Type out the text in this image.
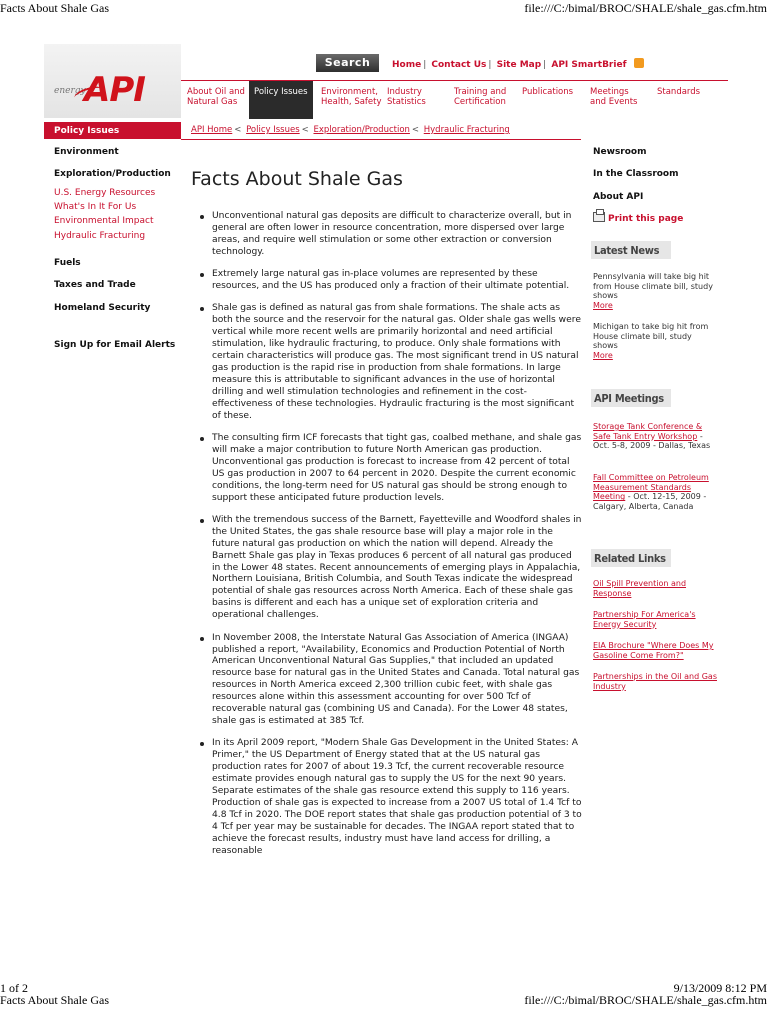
Facts About Shale Gas	file:///C:/bimal/BROC/SHALE/shale_gas.cfm.htm
energy
API
Search	Home | Contact Us | Site Map | API SmartBrief
About Oil and
Natural Gas
Policy Issues	Environment,
Health, Safety
Industry
Statistics
Training and
Certification
Publications Meetings
and Events
Standards
Policy Issues
Environment
Exploration/Production
U.S. Energy Resources
What's In It For Us
Environmental Impact
Hydraulic Fracturing
Fuels
Taxes and Trade
Homeland Security
Sign Up for Email Alerts
API Home < Policy Issues < Exploration/Production < Hydraulic Fracturing
Facts About Shale Gas
Unconventional natural gas deposits are difficult to characterize overall, but in general are often lower in resource concentration, more dispersed over large areas, and require well stimulation or some other extraction or conversion technology.
Extremely large natural gas in-place volumes are represented by these resources, and the US has produced only a fraction of their ultimate potential.
Shale gas is defined as natural gas from shale formations. The shale acts as both the source and the reservoir for the natural gas. Older shale gas wells were vertical while more recent wells are primarily horizontal and need artificial stimulation, like hydraulic fracturing, to produce. Only shale formations with certain characteristics will produce gas. The most significant trend in US natural gas production is the rapid rise in production from shale formations. In large measure this is attributable to significant advances in the use of horizontal drilling and well stimulation technologies and refinement in the cost-effectiveness of these technologies. Hydraulic fracturing is the most significant of these.
The consulting firm ICF forecasts that tight gas, coalbed methane, and shale gas will make a major contribution to future North American gas production. Unconventional gas production is forecast to increase from 42 percent of total US gas production in 2007 to 64 percent in 2020. Despite the current economic conditions, the long-term need for US natural gas should be strong enough to support these anticipated future production levels.
With the tremendous success of the Barnett, Fayetteville and Woodford shales in the United States, the gas shale resource base will play a major role in the future natural gas production on which the nation will depend. Already the Barnett Shale gas play in Texas produces 6 percent of all natural gas produced in the Lower 48 states. Recent announcements of emerging plays in Appalachia, Northern Louisiana, British Columbia, and South Texas indicate the widespread potential of shale gas resources across North America. Each of these shale gas basins is different and each has a unique set of exploration criteria and operational challenges.
In November 2008, the Interstate Natural Gas Association of America (INGAA) published a report, "Availability, Economics and Production Potential of North American Unconventional Natural Gas Supplies," that included an updated resource base for natural gas in the United States and Canada. Total natural gas resources in North America exceed 2,300 trillion cubic feet, with shale gas resources alone within this assessment accounting for over 500 Tcf of recoverable natural gas (combining US and Canada). For the Lower 48 states, shale gas is estimated at 385 Tcf.
In its April 2009 report, "Modern Shale Gas Development in the United States: A Primer," the US Department of Energy stated that at the US natural gas production rates for 2007 of about 19.3 Tcf, the current recoverable resource estimate provides enough natural gas to supply the US for the next 90 years. Separate estimates of the shale gas resource extend this supply to 116 years. Production of shale gas is expected to increase from a 2007 US total of 1.4 Tcf to 4.8 Tcf in 2020. The DOE report states that shale gas production potential of 3 to 4 Tcf per year may be sustainable for decades. The INGAA report stated that to achieve the forecast results, industry must have land access for drilling, a reasonable
Newsroom
In the Classroom
About API
Print this page
Latest News
Pennsylvania will take big hit from House climate bill, study shows
More
Michigan to take big hit from House climate bill, study shows
More
API Meetings
Storage Tank Conference & Safe Tank Entry Workshop - Oct. 5-8, 2009 - Dallas, Texas
Fall Committee on Petroleum Measurement Standards Meeting - Oct. 12-15, 2009 - Calgary, Alberta, Canada
Related Links
Oil Spill Prevention and Response
Partnership For America's Energy Security
EIA Brochure "Where Does My Gasoline Come From?"
Partnerships in the Oil and Gas Industry
1 of 2	9/13/2009 8:12 PM
Facts About Shale Gas	file:///C:/bimal/BROC/SHALE/shale_gas.cfm.htm
